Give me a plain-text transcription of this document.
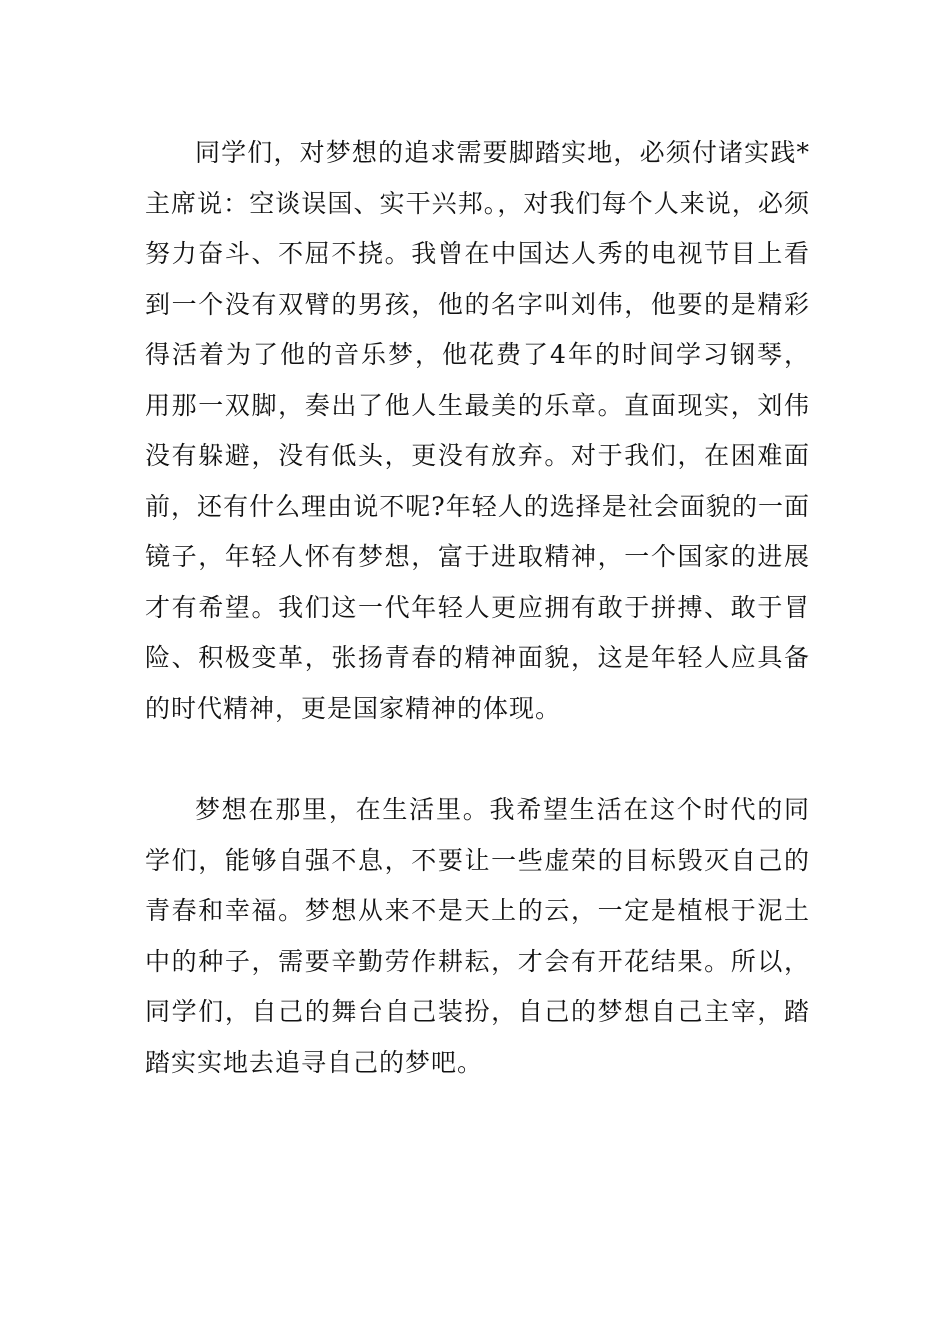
同学们，对梦想的追求需要脚踏实地，必须付诸实践*主席说：空谈误国、实干兴邦。，对我们每个人来说，必须努力奋斗、不屈不挠。我曾在中国达人秀的电视节目上看到一个没有双臂的男孩，他的名字叫刘伟，他要的是精彩得活着为了他的音乐梦，他花费了4年的时间学习钢琴，用那一双脚，奏出了他人生最美的乐章。直面现实，刘伟没有躲避，没有低头，更没有放弃。对于我们，在困难面前，还有什么理由说不呢?年轻人的选择是社会面貌的一面镜子，年轻人怀有梦想，富于进取精神，一个国家的进展才有希望。我们这一代年轻人更应拥有敢于拼搏、敢于冒险、积极变革，张扬青春的精神面貌，这是年轻人应具备的时代精神，更是国家精神的体现。

梦想在那里，在生活里。我希望生活在这个时代的同学们，能够自强不息，不要让一些虚荣的目标毁灭自己的青春和幸福。梦想从来不是天上的云，一定是植根于泥土中的种子，需要辛勤劳作耕耘，才会有开花结果。所以，同学们，自己的舞台自己装扮，自己的梦想自己主宰，踏踏实实地去追寻自己的梦吧。
